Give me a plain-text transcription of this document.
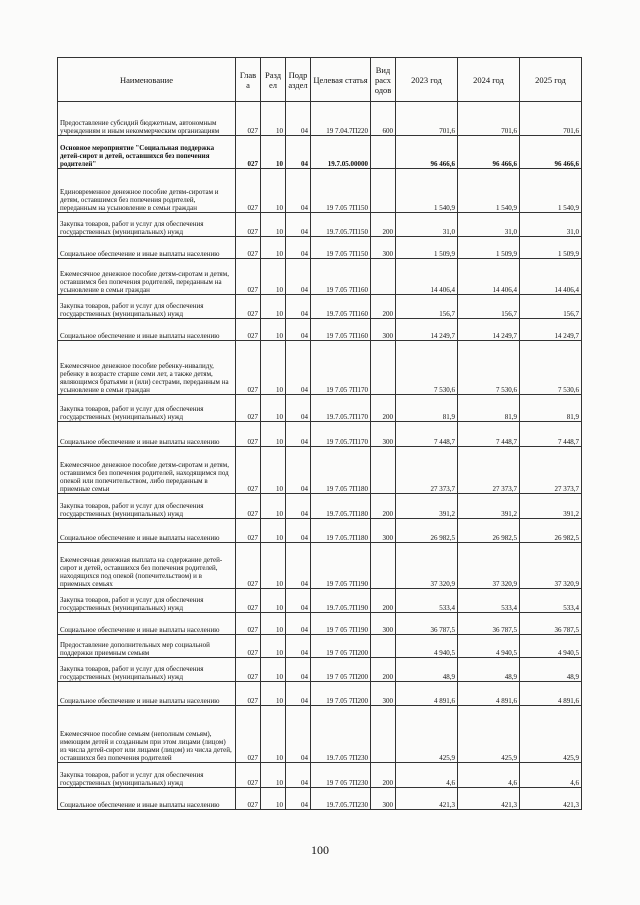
Наименование	Глав а	Разд ел	Подр аздел	Целевая статья	Вид расх одов	2023 год	2024 год	2025 год
Предоставление субсидий бюджетным, автономным учреждениям и иным некоммерческим организациям	027	10	04	19 7.04.7П220	600	701,6	701,6	701,6
Основное мероприятие "Социальная поддержка детей-сирот и детей, оставшихся без попечения родителей"	027	10	04	19.7.05.00000		96 466,6	96 466,6	96 466,6
Единовременное денежное пособие детям-сиротам и детям, оставшимся без попечения родителей, переданным на усыновление в семьи граждан	027	10	04	19 7.05 7П150		1 540,9	1 540,9	1 540,9
Закупка товаров, работ и услуг для обеспечения государственных (муниципальных) нужд	027	10	04	19.7.05.7П150	200	31,0	31,0	31,0
Социальное обеспечение и иные выплаты населению	027	10	04	19 7.05 7П150	300	1 509,9	1 509,9	1 509,9
Ежемесячное денежное пособие детям-сиротам и детям, оставшимся без попечения родителей, переданным на усыновление в семьи граждан	027	10	04	19 7.05 7П160		14 406,4	14 406,4	14 406,4
Закупка товаров, работ и услуг для обеспечения государственных (муниципальных) нужд	027	10	04	19.7.05 7П160	200	156,7	156,7	156,7
Социальное обеспечение и иные выплаты населению	027	10	04	19 7.05 7П160	300	14 249,7	14 249,7	14 249,7
Ежемесячное денежное пособие ребенку-инвалиду, ребенку в возрасте старше семи лет, а также детям, являющимся братьями и (или) сестрами, переданным на усыновление в семьи граждан	027	10	04	19 7.05 7П170		7 530,6	7 530,6	7 530,6
Закупка товаров, работ и услуг для обеспечения государственных (муниципальных) нужд	027	10	04	19.7.05.7П170	200	81,9	81,9	81,9
Социальное обеспечение и иные выплаты населению	027	10	04	19 7.05.7П170	300	7 448,7	7 448,7	7 448,7
Ежемесячное денежное пособие детям-сиротам и детям, оставшимся без попечения родителей, находящимся под опекой или попечительством, либо переданным в приемные семьи	027	10	04	19 7.05 7П180		27 373,7	27 373,7	27 373,7
Закупка товаров, работ и услуг для обеспечения государственных (муниципальных) нужд	027	10	04	19.7.05.7П180	200	391,2	391,2	391,2
Социальное обеспечение и иные выплаты населению	027	10	04	19 7.05.7П180	300	26 982,5	26 982,5	26 982,5
Ежемесячная денежная выплата на содержание детей-сирот и детей, оставшихся без попечения родителей, находящихся под опекой (попечительством) и в приемных семьях	027	10	04	19 7.05 7П190		37 320,9	37 320,9	37 320,9
Закупка товаров, работ и услуг для обеспечения государственных (муниципальных) нужд	027	10	04	19.7.05.7П190	200	533,4	533,4	533,4
Социальное обеспечение и иные выплаты населению	027	10	04	19 7 05 7П190	300	36 787,5	36 787,5	36 787,5
Предоставление дополнительных мер социальной поддержки приемным семьям	027	10	04	19 7 05 7П200		4 940,5	4 940,5	4 940,5
Закупка товаров, работ и услуг для обеспечения государственных (муниципальных) нужд	027	10	04	19 7 05 7П200	200	48,9	48,9	48,9
Социальное обеспечение и иные выплаты населению	027	10	04	19 7.05 7П200	300	4 891,6	4 891,6	4 891,6
Ежемесячное пособие семьям (неполным семьям), имеющим детей и созданным при этом лицами (лицом) из числа детей-сирот или лицами (лицом) из числа детей, оставшихся без попечения родителей	027	10	04	19.7.05 7П230		425,9	425,9	425,9
Закупка товаров, работ и услуг для обеспечения государственных (муниципальных) нужд	027	10	04	19 7 05 7П230	200	4,6	4,6	4,6
Социальное обеспечение и иные выплаты населению	027	10	04	19.7.05.7П230	300	421,3	421,3	421,3
100
